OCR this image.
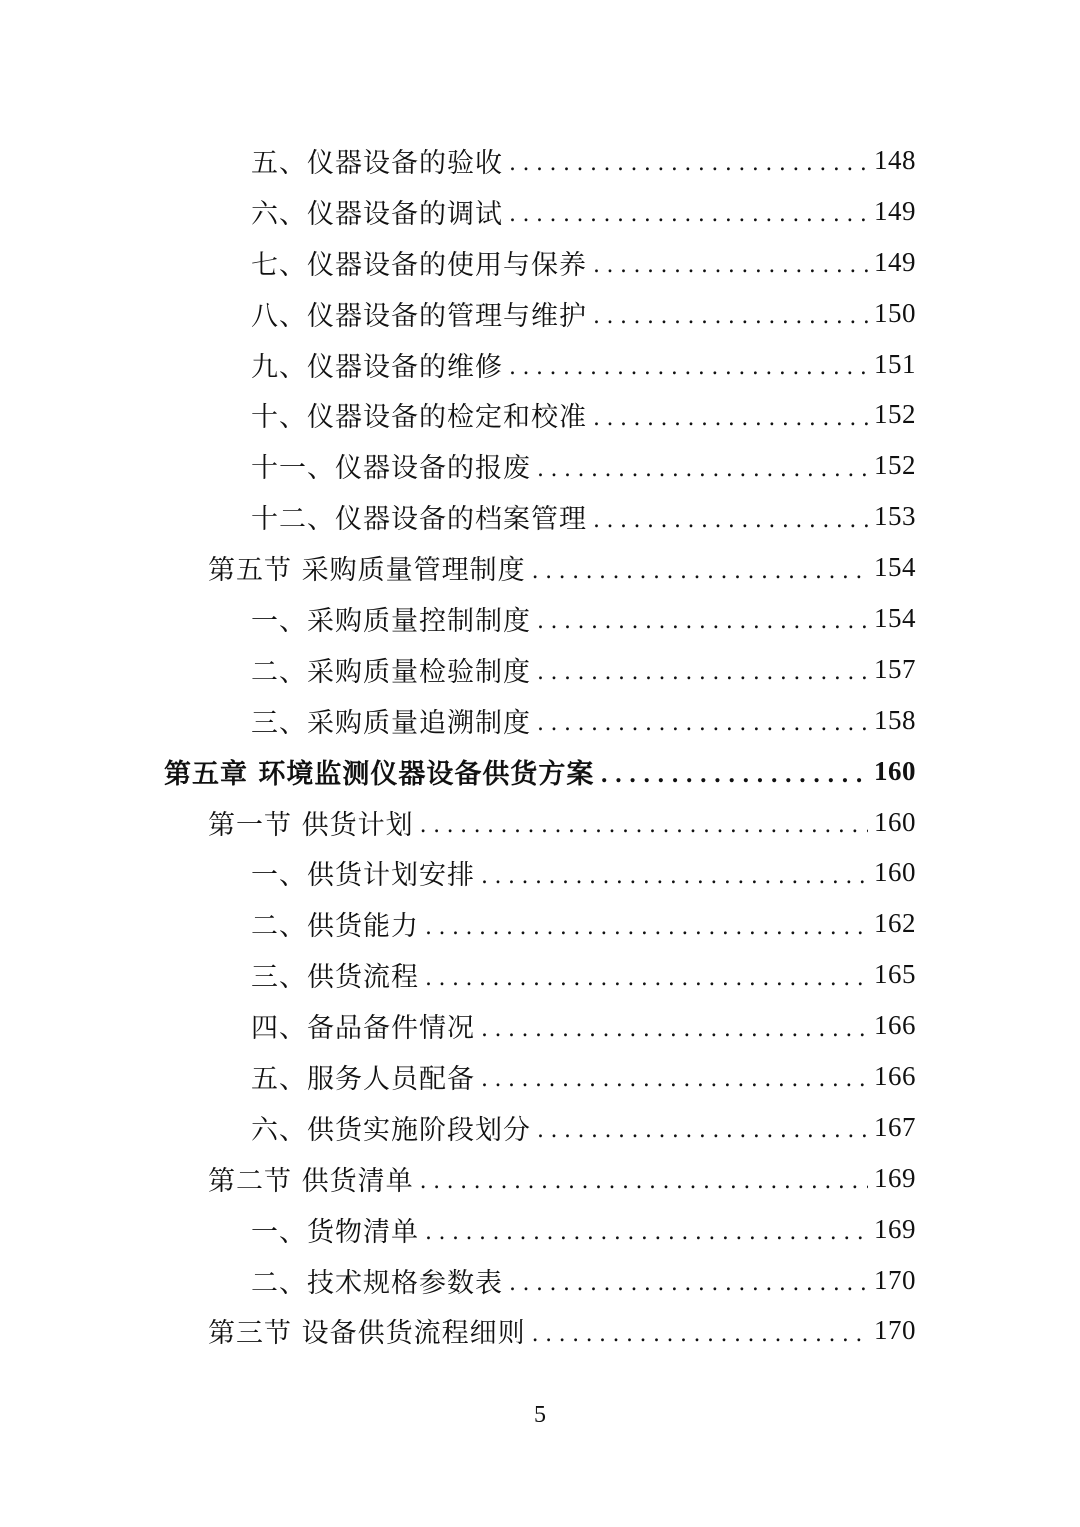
五、仪器设备的验收 .....	148
六、仪器设备的调试 .....	149
七、仪器设备的使用与保养 .....	149
八、仪器设备的管理与维护 .....	150
九、仪器设备的维修 .....	151
十、仪器设备的检定和校准 .....	152
十一、仪器设备的报废 .....	152
十二、仪器设备的档案管理 .....	153
第五节 采购质量管理制度 .....	154
一、采购质量控制制度 .....	154
二、采购质量检验制度 .....	157
三、采购质量追溯制度 .....	158
第五章 环境监测仪器设备供货方案 .....	160
第一节 供货计划 .....	160
一、供货计划安排 .....	160
二、供货能力 .....	162
三、供货流程 .....	165
四、备品备件情况 .....	166
五、服务人员配备 .....	166
六、供货实施阶段划分 .....	167
第二节 供货清单 .....	169
一、货物清单 .....	169
二、技术规格参数表 .....	170
第三节 设备供货流程细则 .....	170
5
